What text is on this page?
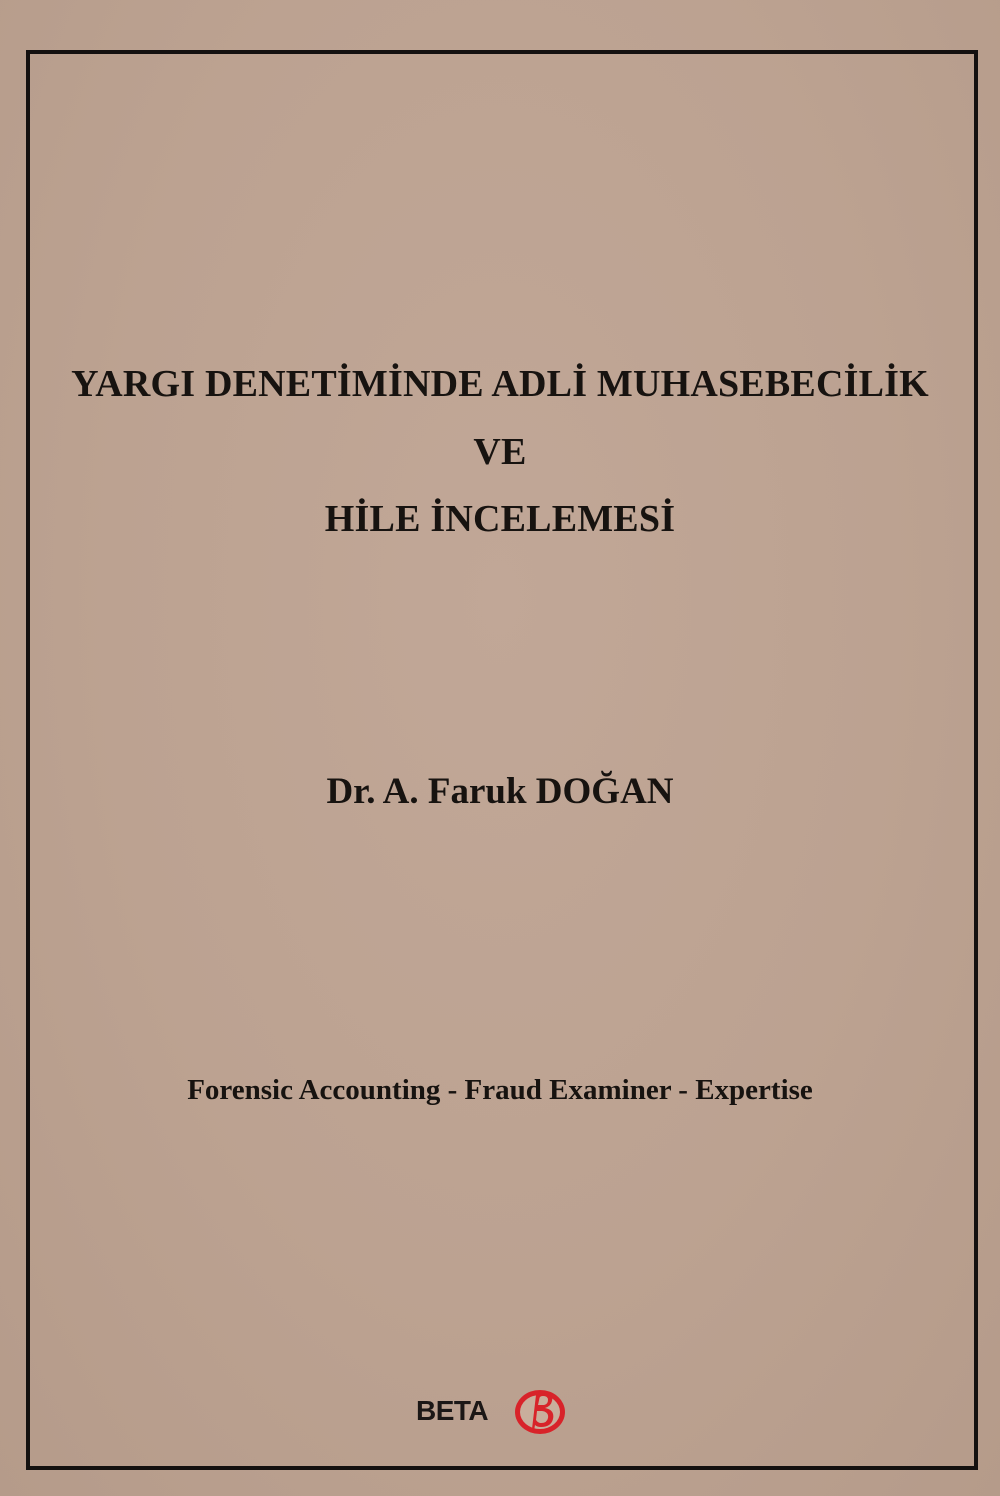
YARGI DENETİMİNDE ADLİ MUHASEBECİLİK
VE
HİLE İNCELEMESİ
Dr. A. Faruk DOĞAN
Forensic Accounting - Fraud Examiner - Expertise
BETA
